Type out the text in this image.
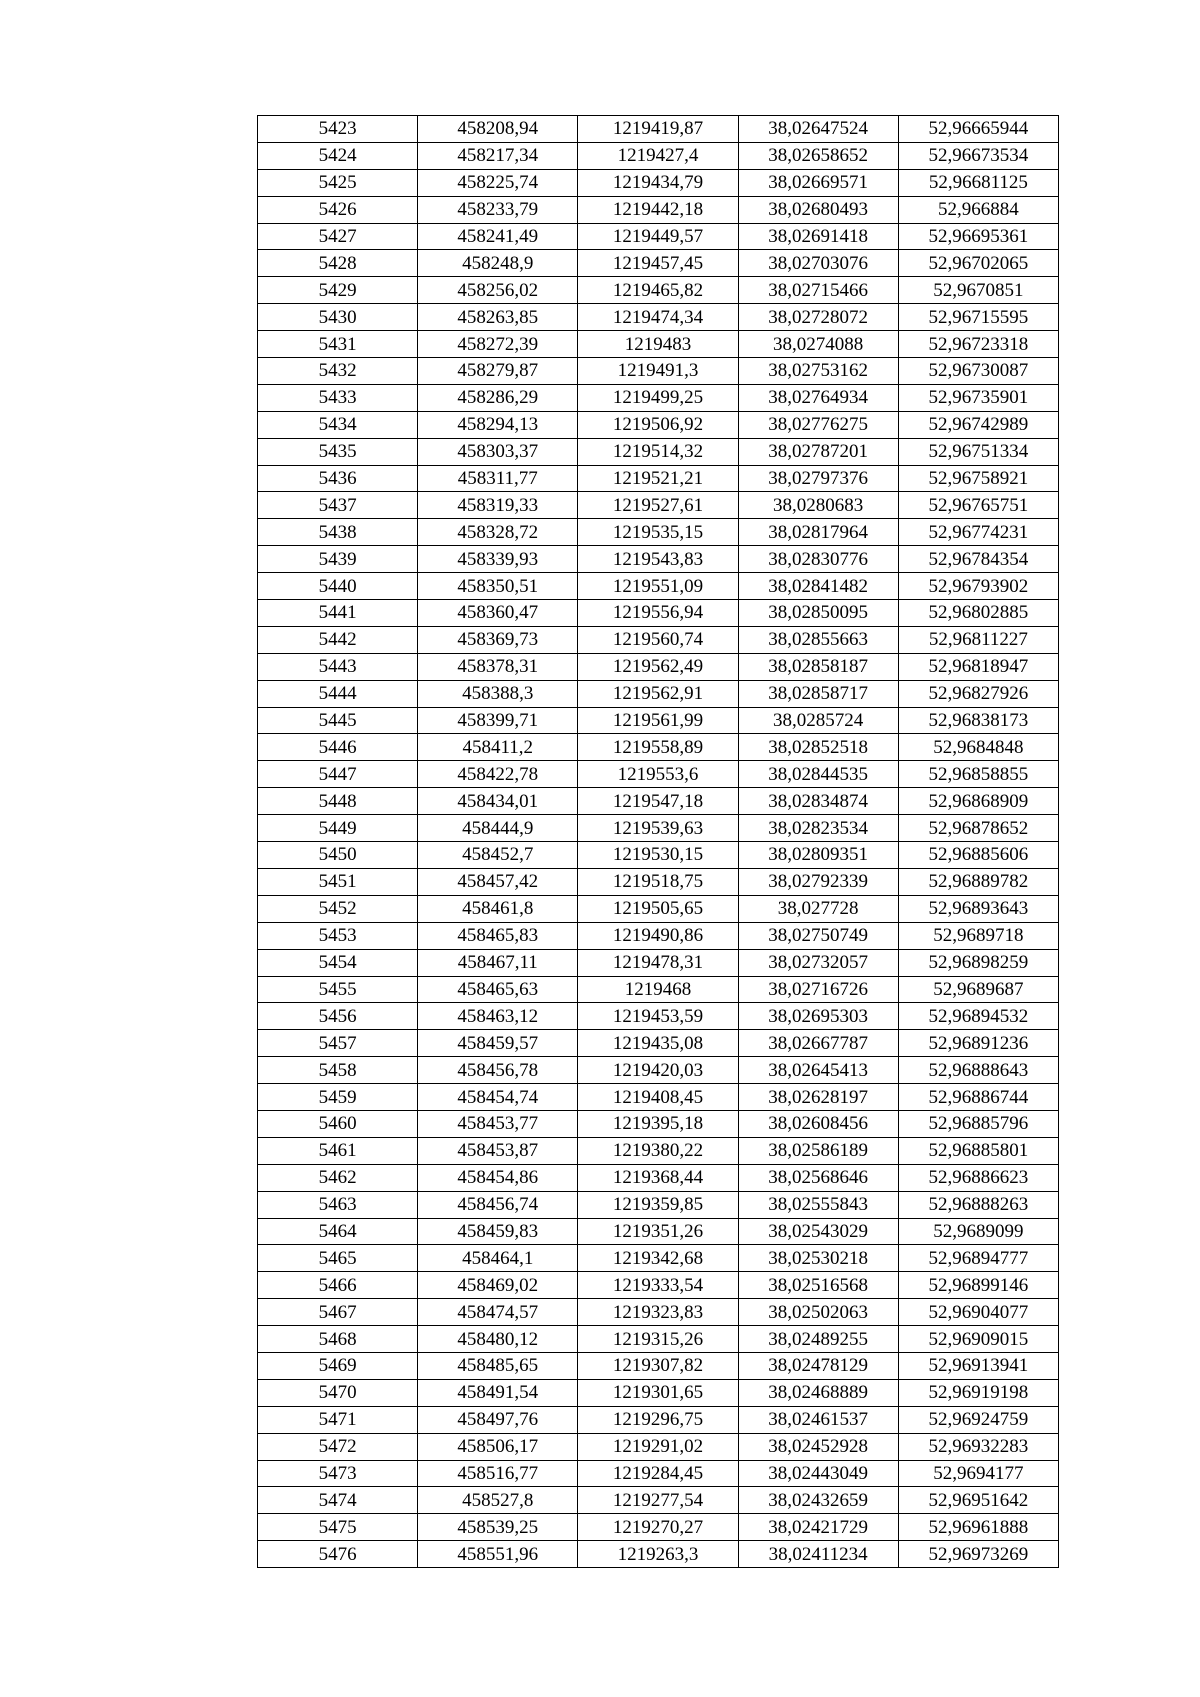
5423	458208,94	1219419,87	38,02647524	52,96665944
5424	458217,34	1219427,4	38,02658652	52,96673534
5425	458225,74	1219434,79	38,02669571	52,96681125
5426	458233,79	1219442,18	38,02680493	52,966884
5427	458241,49	1219449,57	38,02691418	52,96695361
5428	458248,9	1219457,45	38,02703076	52,96702065
5429	458256,02	1219465,82	38,02715466	52,9670851
5430	458263,85	1219474,34	38,02728072	52,96715595
5431	458272,39	1219483	38,0274088	52,96723318
5432	458279,87	1219491,3	38,02753162	52,96730087
5433	458286,29	1219499,25	38,02764934	52,96735901
5434	458294,13	1219506,92	38,02776275	52,96742989
5435	458303,37	1219514,32	38,02787201	52,96751334
5436	458311,77	1219521,21	38,02797376	52,96758921
5437	458319,33	1219527,61	38,0280683	52,96765751
5438	458328,72	1219535,15	38,02817964	52,96774231
5439	458339,93	1219543,83	38,02830776	52,96784354
5440	458350,51	1219551,09	38,02841482	52,96793902
5441	458360,47	1219556,94	38,02850095	52,96802885
5442	458369,73	1219560,74	38,02855663	52,96811227
5443	458378,31	1219562,49	38,02858187	52,96818947
5444	458388,3	1219562,91	38,02858717	52,96827926
5445	458399,71	1219561,99	38,0285724	52,96838173
5446	458411,2	1219558,89	38,02852518	52,9684848
5447	458422,78	1219553,6	38,02844535	52,96858855
5448	458434,01	1219547,18	38,02834874	52,96868909
5449	458444,9	1219539,63	38,02823534	52,96878652
5450	458452,7	1219530,15	38,02809351	52,96885606
5451	458457,42	1219518,75	38,02792339	52,96889782
5452	458461,8	1219505,65	38,027728	52,96893643
5453	458465,83	1219490,86	38,02750749	52,9689718
5454	458467,11	1219478,31	38,02732057	52,96898259
5455	458465,63	1219468	38,02716726	52,9689687
5456	458463,12	1219453,59	38,02695303	52,96894532
5457	458459,57	1219435,08	38,02667787	52,96891236
5458	458456,78	1219420,03	38,02645413	52,96888643
5459	458454,74	1219408,45	38,02628197	52,96886744
5460	458453,77	1219395,18	38,02608456	52,96885796
5461	458453,87	1219380,22	38,02586189	52,96885801
5462	458454,86	1219368,44	38,02568646	52,96886623
5463	458456,74	1219359,85	38,02555843	52,96888263
5464	458459,83	1219351,26	38,02543029	52,9689099
5465	458464,1	1219342,68	38,02530218	52,96894777
5466	458469,02	1219333,54	38,02516568	52,96899146
5467	458474,57	1219323,83	38,02502063	52,96904077
5468	458480,12	1219315,26	38,02489255	52,96909015
5469	458485,65	1219307,82	38,02478129	52,96913941
5470	458491,54	1219301,65	38,02468889	52,96919198
5471	458497,76	1219296,75	38,02461537	52,96924759
5472	458506,17	1219291,02	38,02452928	52,96932283
5473	458516,77	1219284,45	38,02443049	52,9694177
5474	458527,8	1219277,54	38,02432659	52,96951642
5475	458539,25	1219270,27	38,02421729	52,96961888
5476	458551,96	1219263,3	38,02411234	52,96973269
